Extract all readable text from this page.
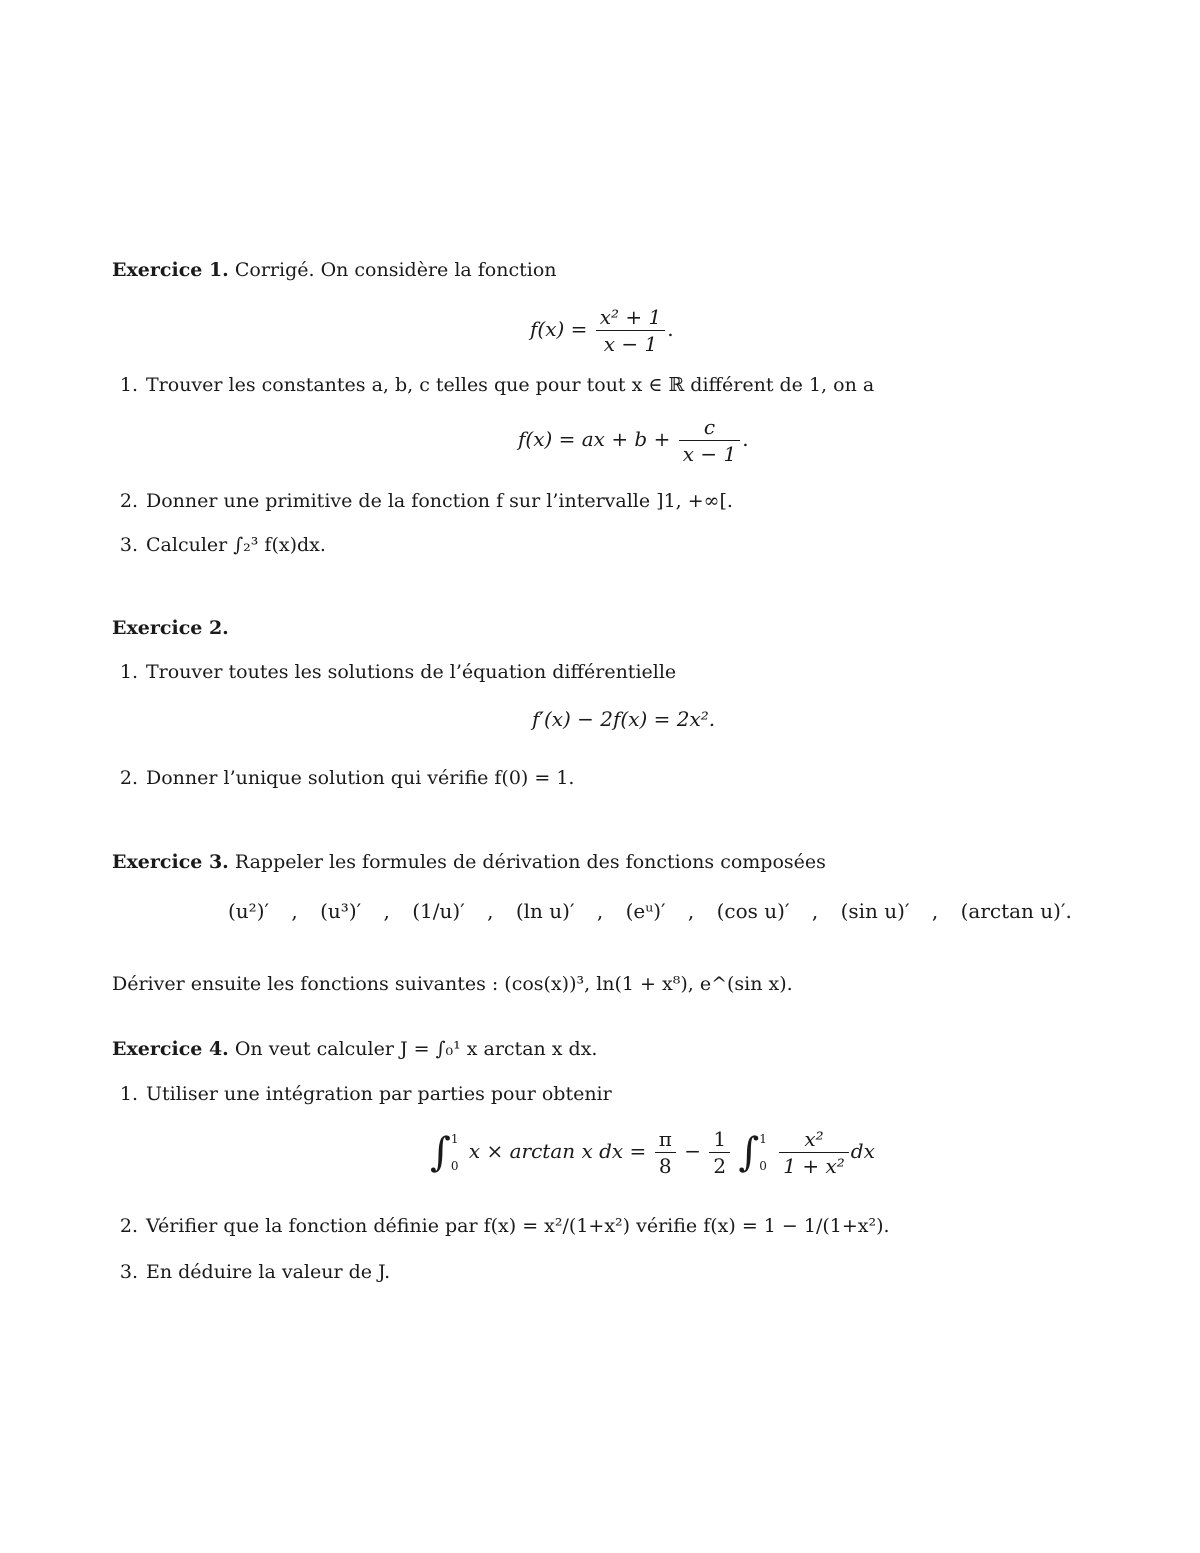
Exercice 1. Corrigé. On considère la fonction
$f(x) = \frac{\text{x² + 1}}{x - 1}$ .
1. Trouver les constantes a, b, c telles que pour tout x ∈ ℝ différent de 1, on a
f(x) = ax + $b + \frac{c}{x - 1}$ .
2. Donner une primitive de la fonction f sur l’intervalle ]1, +∞[.
3. Calculer ∫₂³ f(x)dx.
Exercice 2.
1. Trouver toutes les solutions de l’équation différentielle
f′(x) − 2f(x) = 2x².
2. Donner l’unique solution qui vérifie f(0) = 1.
Exercice 3. Rappeler les formules de dérivation des fonctions composées
(u²)′ , (u³)′ , (1/u)′ , (ln u)′ , (eᵘ)′ , (cos u)′ , (sin u)′ , (arctan u)′.
Dériver ensuite les fonctions suivantes : (cos(x))³, ln(1 + x⁸), e^(sin x).
Exercice 4. On veut calculer J = ∫₀¹ x arctan x dx.
1. Utiliser une intégration par parties pour obtenir
∫ 1
0
x × arctan x dx = $\frac{\pi}{8} - \frac{1}{2}$ ∫ 1
0
$\frac{\text{x²}}{\text{1 + x²}}$ dx
2. Vérifier que la fonction définie par f(x) = x²/(1+x²) vérifie f(x) = 1 − 1/(1+x²).
3. En déduire la valeur de J.
